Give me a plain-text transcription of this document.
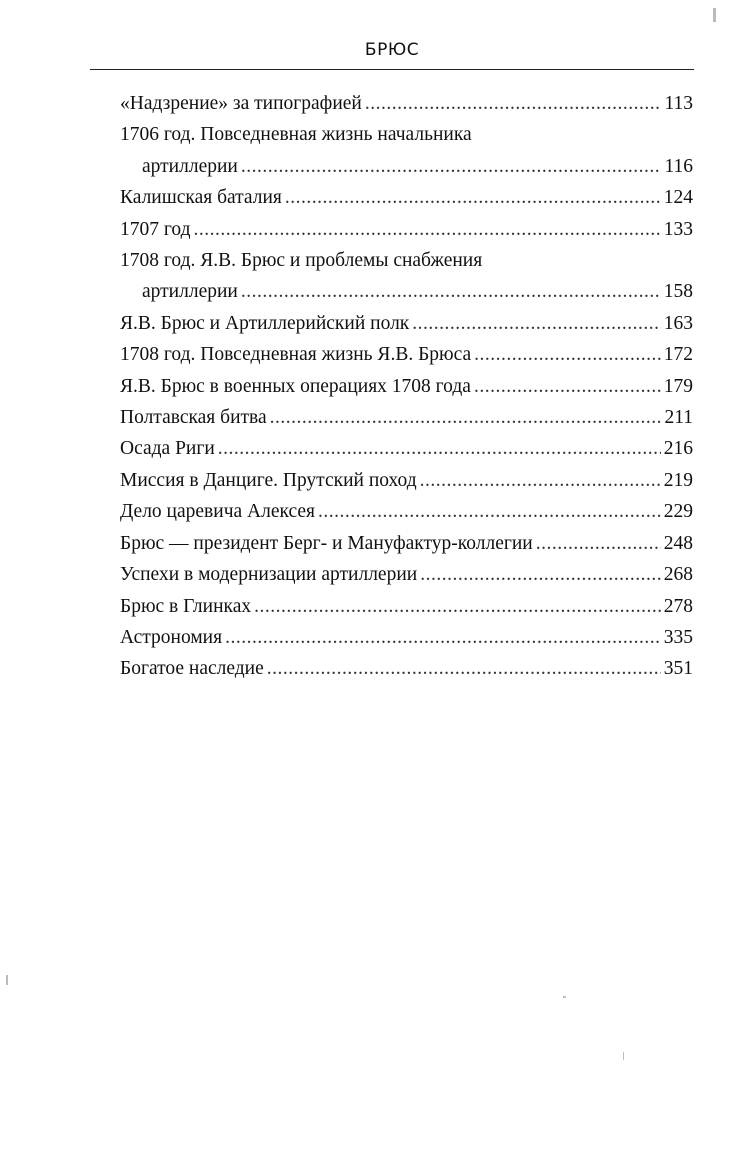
БРЮС
«Надзрение» за типографией .....	113
1706 год. Повседневная жизнь начальника
артиллерии .....	116
Калишская баталия .....	124
1707 год .....	133
1708 год. Я.В. Брюс и проблемы снабжения
артиллерии .....	158
Я.В. Брюс и Артиллерийский полк .....	163
1708 год. Повседневная жизнь Я.В. Брюса .....	172
Я.В. Брюс в военных операциях 1708 года .....	179
Полтавская битва .....	211
Осада Риги .....	216
Миссия в Данциге. Прутский поход .....	219
Дело царевича Алексея .....	229
Брюс — президент Берг- и Мануфактур-коллегии .....	248
Успехи в модернизации артиллерии .....	268
Брюс в Глинках .....	278
Астрономия .....	335
Богатое наследие .....	351
